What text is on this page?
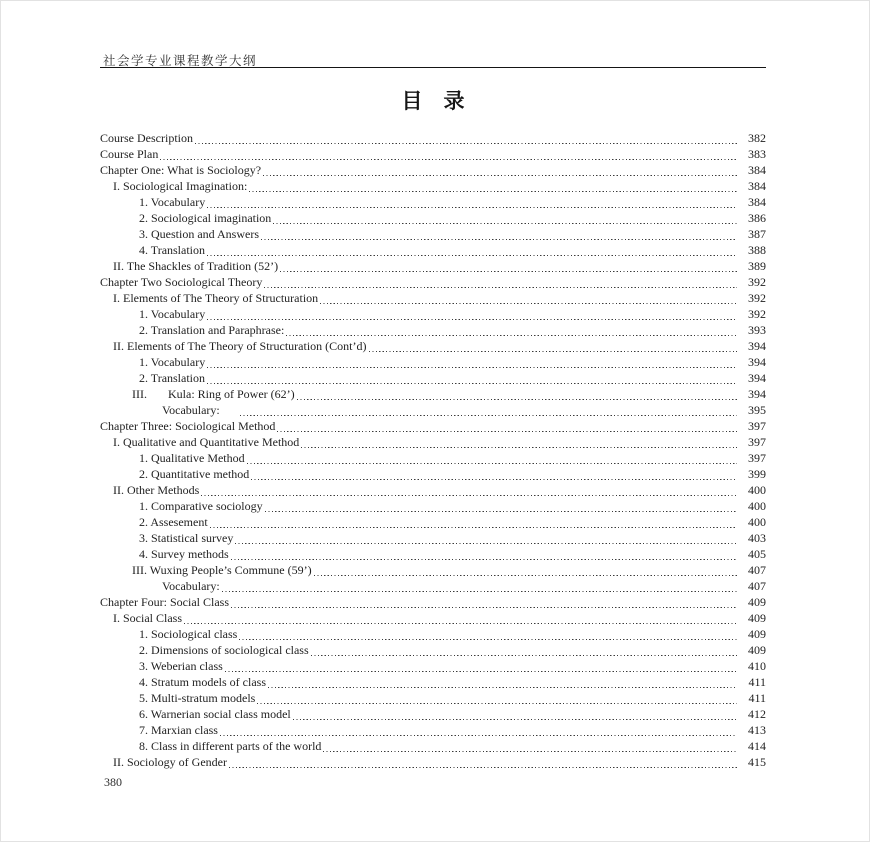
社会学专业课程教学大纲
目　录
Course Description	382
Course Plan	383
Chapter One: What is Sociology?	384
I. Sociological Imagination:	384
1. Vocabulary	384
2. Sociological imagination	386
3. Question and Answers	387
4. Translation	388
II. The Shackles of Tradition (52’)	389
Chapter Two Sociological Theory	392
I. Elements of The Theory of Structuration	392
1. Vocabulary	392
2. Translation and Paraphrase:	393
II. Elements of The Theory of Structuration (Cont’d)	394
1. Vocabulary	394
2. Translation	394
III.       Kula: Ring of Power (62’)	394
Vocabulary:	395
Chapter Three: Sociological Method	397
I. Qualitative and Quantitative Method	397
1. Qualitative Method	397
2. Quantitative method	399
II. Other Methods	400
1. Comparative sociology	400
2. Assesement	400
3. Statistical survey	403
4. Survey methods	405
III. Wuxing People’s Commune (59’)	407
Vocabulary:	407
Chapter Four: Social Class	409
I. Social Class	409
1. Sociological class	409
2. Dimensions of sociological class	409
3. Weberian class	410
4. Stratum models of class	411
5. Multi-stratum models	411
6. Warnerian social class model	412
7. Marxian class	413
8. Class in different parts of the world	414
II. Sociology of Gender	415
380
